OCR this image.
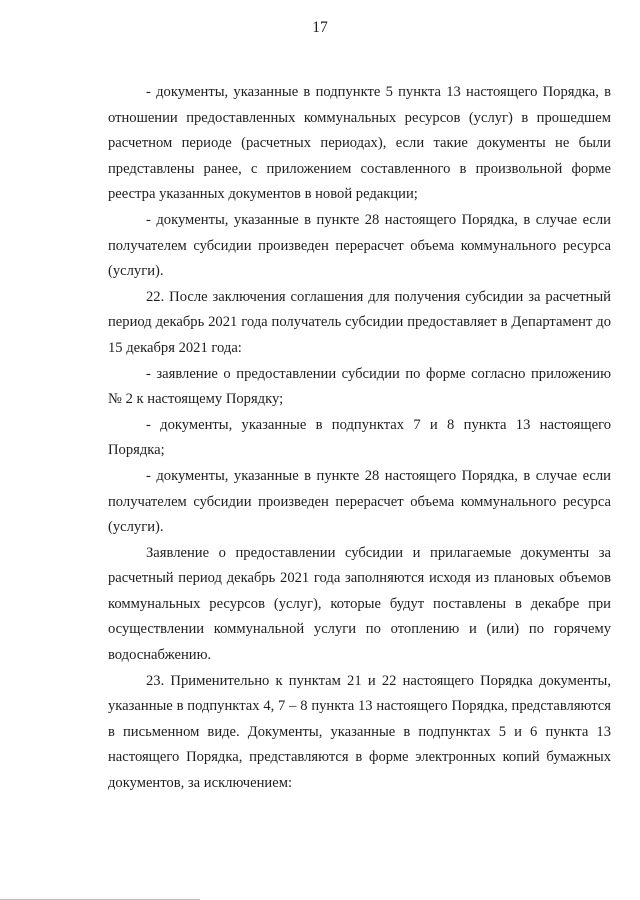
17

- документы, указанные в подпункте 5 пункта 13 настоящего Порядка, в отношении предоставленных коммунальных ресурсов (услуг) в прошедшем расчетном периоде (расчетных периодах), если такие документы не были представлены ранее, с приложением составленного в произвольной форме реестра указанных документов в новой редакции;

- документы, указанные в пункте 28 настоящего Порядка, в случае если получателем субсидии произведен перерасчет объема коммунального ресурса (услуги).

22. После заключения соглашения для получения субсидии за расчетный период декабрь 2021 года получатель субсидии предоставляет в Департамент до 15 декабря 2021 года:

- заявление о предоставлении субсидии по форме согласно приложению № 2 к настоящему Порядку;

- документы, указанные в подпунктах 7 и 8 пункта 13 настоящего Порядка;

- документы, указанные в пункте 28 настоящего Порядка, в случае если получателем субсидии произведен перерасчет объема коммунального ресурса (услуги).

Заявление о предоставлении субсидии и прилагаемые документы за расчетный период декабрь 2021 года заполняются исходя из плановых объемов коммунальных ресурсов (услуг), которые будут поставлены в декабре при осуществлении коммунальной услуги по отоплению и (или) по горячему водоснабжению.

23. Применительно к пунктам 21 и 22 настоящего Порядка документы, указанные в подпунктах 4, 7 – 8 пункта 13 настоящего Порядка, представляются в письменном виде. Документы, указанные в подпунктах 5 и 6 пункта 13 настоящего Порядка, представляются в форме электронных копий бумажных документов, за исключением:
